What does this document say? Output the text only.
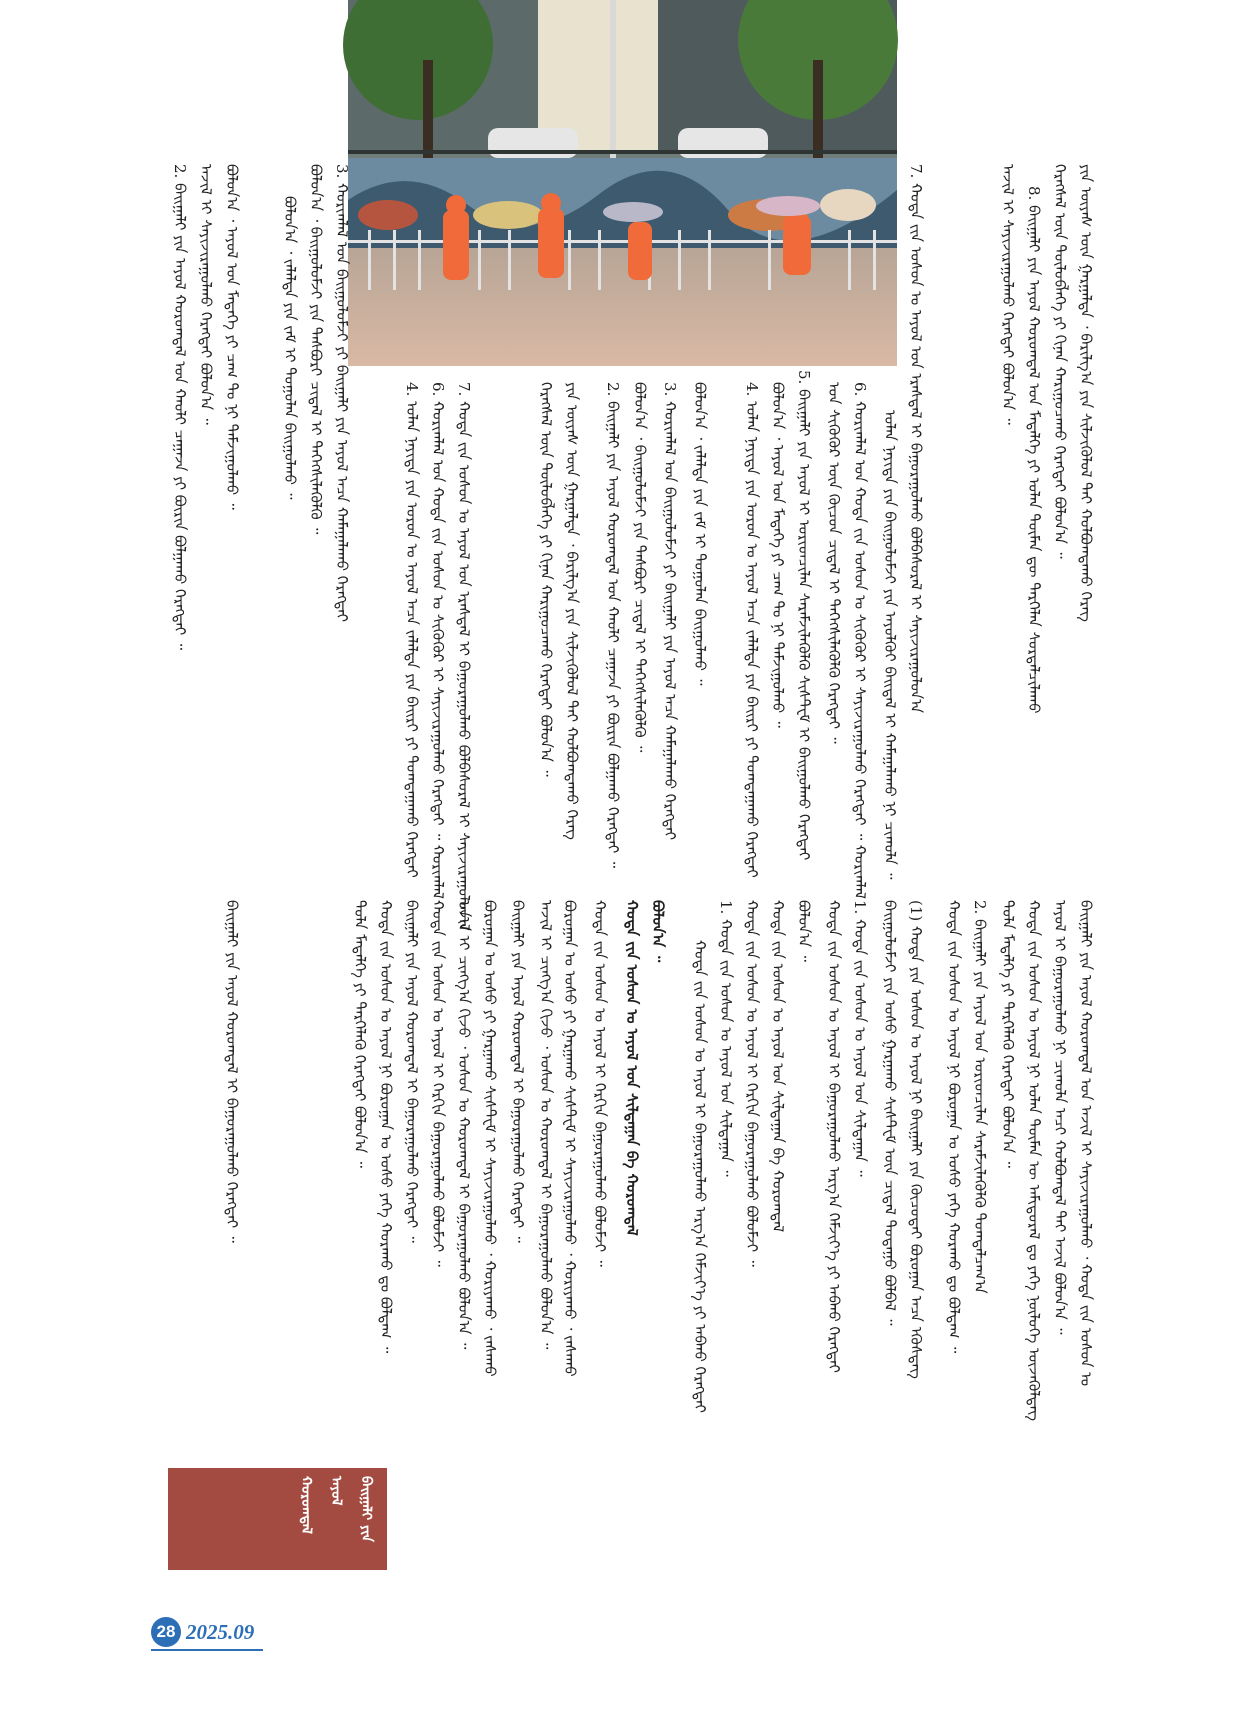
ᠶᠢᠨ ᠦᠶᠡᠰ ᠦᠨ ᠭᠠᠷᠭᠠᠯᠳᠠ ᠂ ᠪᠠᠷᠢᠯᠭ᠎ᠠ ᠶᠢᠨ ᠰᠢᠯᠵᠢᠭᠦᠯᠦᠯ ᠲᠡᠢ ᠬᠣᠯᠪᠤᠭᠳᠠᠬᠤ ᠬᠡᠷᠡᠭ
ᠬᠡᠷᠡᠭᠰᠡᠯ ᠦᠨ ᠲᠥᠯᠦᠪᠯᠡᠭᠡ ᠶᠢ ᠬᠢᠨᠠᠨ ᠬᠠᠷᠢᠭᠤᠴᠠᠬᠤ ᠬᠡᠷᠡᠭᠲᠡᠢ ᠪᠣᠯᠤᠨ᠎ᠠ ᠃
8. ᠪᠠᠢᠭᠠᠯᠢ ᠶᠢᠨ ᠠᠶᠤᠯ ᠬᠣᠷᠣᠭᠳᠠᠯ ᠤᠨ ᠮᠡᠳᠡᠯᠭᠡ ᠶᠢ ᠣᠯᠠᠨ ᠲᠦᠮᠡᠨ ᠳᠦ ᠲᠡᠷᠭᠡᠯᠡᠨ ᠰᠤᠷᠳᠠᠯᠴᠢᠯᠠᠬᠤ
ᠠᠵᠢᠯ ᠢ ᠰᠠᠶᠢᠵᠢᠷᠠᠭᠤᠯᠬᠤ ᠬᠡᠷᠡᠭᠲᠡᠢ ᠪᠣᠯᠤᠨ᠎ᠠ ᠃
7. ᠬᠤᠲᠠ ᠵᠢᠨ ᠤᠰᠤᠨ ᠤ ᠠᠶᠤᠯ ᠤᠨ ᠡᠷᠡᠰᠳᠡᠯ ᠢ ᠪᠠᠭᠤᠷᠠᠭᠤᠯᠬᠤ ᠪᠣᠯᠪᠠᠰᠤᠷᠠᠯ ᠢ ᠰᠠᠶᠢᠵᠢᠷᠠᠭᠤᠯᠤᠨ᠎ᠠ
ᠣᠯᠠᠨ ᠨᠡᠶᠢᠲᠡ ᠶᠢᠨ ᠪᠠᠢᠭᠤᠯᠤᠮᠵᠢ ᠶᠢᠨ ᠠᠶᠤᠯᠭᠦᠢ ᠪᠠᠢᠳᠠᠯ ᠢ ᠬᠠᠮᠠᠭᠠᠯᠠᠬᠤ ᠨᠢ ᠴᠢᠬᠤᠯᠠ ᠃
6. ᠬᠣᠷᠢᠭᠯᠠᠯ ᠤᠨ ᠬᠣᠲᠠ ᠵᠢᠨ ᠤᠰᠤᠨ ᠤ ᠰᠢᠭᠦᠭᠦᠷ ᠢ ᠰᠠᠶᠢᠵᠢᠷᠠᠭᠤᠯᠬᠤ ᠬᠡᠷᠡᠭᠲᠡᠢ ᠃ ᠬᠣᠷᠢᠭᠯᠠᠯ
ᠤᠨ ᠰᠢᠭᠦᠭᠦᠷ ᠦᠨ ᠬᠦᠴᠦᠨ ᠴᠢᠳᠠᠯ ᠢ ᠳᠡᠭᠡᠭᠰᠢᠯᠡᠭᠦᠯᠬᠦ ᠬᠡᠷᠡᠭᠲᠡᠢ ᠃
5. ᠪᠠᠢᠭᠠᠯᠢ ᠶᠢᠨ ᠠᠶᠤᠯ ᠢ ᠤᠷᠢᠳᠴᠢᠯᠠᠨ ᠰᠡᠷᠡᠮᠵᠢᠯᠡᠭᠦᠯᠬᠦ ᠰᠢᠰᠲ᠋ᠧᠮ ᠢ ᠪᠠᠢᠭᠤᠯᠬᠤ ᠬᠡᠷᠡᠭᠲᠡᠢ
ᠪᠣᠯᠤᠨ᠎ᠠ ᠂ ᠠᠶᠤᠯ ᠤᠨ ᠮᠡᠳᠡᠭᠡ ᠶᠢ ᠴᠠᠭ ᠲᠤ ᠨᠢ ᠳᠠᠮᠵᠢᠭᠤᠯᠬᠤ ᠃
4. ᠣᠯᠠᠨ ᠨᠡᠶᠢᠲᠡ ᠶᠢᠨ ᠣᠷᠣᠨ ᠤ ᠠᠶᠤᠯ ᠠᠴᠠ ᠵᠠᠯᠠᠯᠲᠠ ᠶᠢᠨ ᠪᠠᠢᠷᠢ ᠶᠢ ᠲᠣᠭᠲᠠᠭᠠᠬᠤ ᠬᠡᠷᠡᠭᠲᠡᠢ
ᠪᠣᠯᠤᠨ᠎ᠠ ᠂ ᠵᠠᠯᠠᠯᠲᠠ ᠶᠢᠨ ᠵᠠᠮ ᠢ ᠲᠤᠭᠤᠯᠠᠨ ᠪᠠᠢᠭᠤᠯᠬᠤ ᠃
3. ᠬᠣᠷᠢᠭᠯᠠᠯ ᠤᠨ ᠪᠠᠢᠭᠤᠯᠤᠮᠵᠢ ᠶᠢ ᠪᠠᠢᠭᠠᠯᠢ ᠶᠢᠨ ᠠᠶᠤᠯ ᠠᠴᠠ ᠬᠠᠮᠠᠭᠠᠯᠠᠬᠤ ᠬᠡᠷᠡᠭᠲᠡᠢ
ᠪᠣᠯᠤᠨ᠎ᠠ ᠂ ᠪᠠᠢᠭᠤᠯᠤᠮᠵᠢ ᠶᠢᠨ ᠲᠡᠰᠪᠦᠷᠢ ᠴᠢᠳᠠᠯ ᠢ ᠳᠡᠭᠡᠭᠰᠢᠯᠡᠭᠦᠯᠬᠦ ᠃
2. ᠪᠠᠢᠭᠠᠯᠢ ᠶᠢᠨ ᠠᠶᠤᠯ ᠬᠣᠷᠣᠭᠳᠠᠯ ᠤᠨ ᠬᠠᠤᠯᠢ ᠴᠠᠭᠠᠵᠠ ᠶᠢ ᠪᠦᠷᠢᠨ ᠪᠣᠯᠭᠠᠬᠤ ᠬᠡᠷᠡᠭᠲᠡᠢ ᠃
ᠶᠢᠨ ᠦᠶᠡᠰ ᠦᠨ ᠭᠠᠷᠭᠠᠯᠳᠠ ᠂ ᠪᠠᠷᠢᠯᠭ᠎ᠠ ᠶᠢᠨ ᠰᠢᠯᠵᠢᠭᠦᠯᠦᠯ ᠲᠡᠢ ᠬᠣᠯᠪᠤᠭᠳᠠᠬᠤ ᠬᠡᠷᠡᠭ
ᠬᠡᠷᠡᠭᠰᠡᠯ ᠦᠨ ᠲᠥᠯᠦᠪᠯᠡᠭᠡ ᠶᠢ ᠬᠢᠨᠠᠨ ᠬᠠᠷᠢᠭᠤᠴᠠᠬᠤ ᠬᠡᠷᠡᠭᠲᠡᠢ ᠪᠣᠯᠤᠨ᠎ᠠ ᠃
7. ᠬᠤᠲᠠ ᠵᠢᠨ ᠤᠰᠤᠨ ᠤ ᠠᠶᠤᠯ ᠤᠨ ᠡᠷᠡᠰᠳᠡᠯ ᠢ ᠪᠠᠭᠤᠷᠠᠭᠤᠯᠬᠤ ᠪᠣᠯᠪᠠᠰᠤᠷᠠᠯ ᠢ ᠰᠠᠶᠢᠵᠢᠷᠠᠭᠤᠯᠤᠨ᠎ᠠ
6. ᠬᠣᠷᠢᠭᠯᠠᠯ ᠤᠨ ᠬᠣᠲᠠ ᠵᠢᠨ ᠤᠰᠤᠨ ᠤ ᠰᠢᠭᠦᠭᠦᠷ ᠢ ᠰᠠᠶᠢᠵᠢᠷᠠᠭᠤᠯᠬᠤ ᠬᠡᠷᠡᠭᠲᠡᠢ ᠃ ᠬᠣᠷᠢᠭᠯᠠᠯ
4. ᠣᠯᠠᠨ ᠨᠡᠶᠢᠲᠡ ᠶᠢᠨ ᠣᠷᠣᠨ ᠤ ᠠᠶᠤᠯ ᠠᠴᠠ ᠵᠠᠯᠠᠯᠲᠠ ᠶᠢᠨ ᠪᠠᠢᠷᠢ ᠶᠢ ᠲᠣᠭᠲᠠᠭᠠᠬᠤ ᠬᠡᠷᠡᠭᠲᠡᠢ
3. ᠬᠣᠷᠢᠭᠯᠠᠯ ᠤᠨ ᠪᠠᠢᠭᠤᠯᠤᠮᠵᠢ ᠶᠢ ᠪᠠᠢᠭᠠᠯᠢ ᠶᠢᠨ ᠠᠶᠤᠯ ᠠᠴᠠ ᠬᠠᠮᠠᠭᠠᠯᠠᠬᠤ ᠬᠡᠷᠡᠭᠲᠡᠢ
ᠪᠣᠯᠤᠨ᠎ᠠ ᠂ ᠪᠠᠢᠭᠤᠯᠤᠮᠵᠢ ᠶᠢᠨ ᠲᠡᠰᠪᠦᠷᠢ ᠴᠢᠳᠠᠯ ᠢ ᠳᠡᠭᠡᠭᠰᠢᠯᠡᠭᠦᠯᠬᠦ ᠃
ᠪᠣᠯᠤᠨ᠎ᠠ ᠂ ᠵᠠᠯᠠᠯᠲᠠ ᠶᠢᠨ ᠵᠠᠮ ᠢ ᠲᠤᠭᠤᠯᠠᠨ ᠪᠠᠢᠭᠤᠯᠬᠤ ᠃
ᠪᠣᠯᠤᠨ᠎ᠠ ᠂ ᠠᠶᠤᠯ ᠤᠨ ᠮᠡᠳᠡᠭᠡ ᠶᠢ ᠴᠠᠭ ᠲᠤ ᠨᠢ ᠳᠠᠮᠵᠢᠭᠤᠯᠬᠤ ᠃
ᠠᠵᠢᠯ ᠢ ᠰᠠᠶᠢᠵᠢᠷᠠᠭᠤᠯᠬᠤ ᠬᠡᠷᠡᠭᠲᠡᠢ ᠪᠣᠯᠤᠨ᠎ᠠ ᠃
2. ᠪᠠᠢᠭᠠᠯᠢ ᠶᠢᠨ ᠠᠶᠤᠯ ᠬᠣᠷᠣᠭᠳᠠᠯ ᠤᠨ ᠬᠠᠤᠯᠢ ᠴᠠᠭᠠᠵᠠ ᠶᠢ ᠪᠦᠷᠢᠨ ᠪᠣᠯᠭᠠᠬᠤ ᠬᠡᠷᠡᠭᠲᠡᠢ ᠃
ᠪᠠᠢᠭᠠᠯᠢ ᠶᠢᠨ ᠠᠶᠤᠯ ᠬᠣᠷᠣᠭᠳᠠᠯ ᠤᠨ ᠠᠵᠢᠯ ᠢ ᠰᠠᠶᠢᠵᠢᠷᠠᠭᠤᠯᠬᠤ ᠂ ᠬᠤᠲᠠ ᠵᠢᠨ ᠤᠰᠤᠨ ᠤ
ᠠᠶᠤᠯ ᠢ ᠪᠠᠭᠤᠷᠠᠭᠤᠯᠬᠤ ᠨᠢ ᠴᠢᠬᠤᠯᠠ ᠠᠴᠢ ᠬᠣᠯᠪᠤᠭᠳᠠᠯ ᠲᠠᠢ ᠠᠵᠢᠯ ᠪᠣᠯᠤᠨ᠎ᠠ ᠃
ᠬᠤᠲᠠ ᠵᠢᠨ ᠤᠰᠤᠨ ᠤ ᠠᠶᠤᠯ ᠨᠢ ᠣᠯᠠᠨ ᠲᠦᠮᠡᠨ ᠦ ᠠᠮᠢᠳᠤᠷᠠᠯ ᠳᠤ ᠶᠡᠬᠡ ᠨᠥᠯᠦᠭᠡ ᠦᠵᠡᠭᠦᠯᠳᠡᠭ
ᠲᠤᠯᠠ ᠮᠡᠳᠡᠯᠭᠡ ᠶᠢ ᠲᠡᠷᠭᠡᠯᠡᠬᠦ ᠬᠡᠷᠡᠭᠲᠡᠢ ᠪᠣᠯᠤᠨ᠎ᠠ ᠃
2. ᠪᠠᠢᠭᠠᠯᠢ ᠶᠢᠨ ᠠᠶᠤᠯ ᠤᠨ ᠤᠷᠢᠳᠴᠢᠯᠠᠨ ᠰᠡᠷᠡᠮᠵᠢᠯᠡᠭᠦᠯᠬᠦ ᠲᠣᠭᠲᠠᠯᠴᠠᠭ᠎ᠠ
ᠬᠤᠲᠠ ᠵᠢᠨ ᠤᠰᠤᠨ ᠤ ᠠᠶᠤᠯ ᠨᠢ ᠪᠣᠷᠤᠭᠠᠨ ᠤ ᠤᠰᠤ ᠶᠡᠬᠡ ᠬᠤᠷᠠᠬᠤ ᠳᠤ ᠪᠣᠯᠳᠠᠭ ᠃
(1) ᠬᠤᠲᠠ ᠶᠢᠨ ᠤᠰᠤᠨ ᠤ ᠠᠶᠤᠯ ᠨᠢ ᠪᠠᠢᠭᠠᠯᠢ ᠶᠢᠨ ᠬᠦᠴᠦᠲᠡᠢ ᠪᠣᠷᠤᠭᠠᠨ ᠠᠴᠠ ᠡᠭᠦᠰᠳᠡᠭ
ᠪᠠᠢᠭᠤᠯᠤᠮᠵᠢ ᠶᠢᠨ ᠤᠰᠤ ᠭᠠᠷᠭᠠᠬᠤ ᠰᠢᠰᠲ᠋ᠧᠮ ᠦᠨ ᠴᠢᠳᠠᠯ ᠳᠤᠲᠠᠭᠤ ᠪᠣᠯᠪᠠᠯ ᠃
1. ᠬᠤᠲᠠ ᠵᠢᠨ ᠤᠰᠤᠨ ᠤ ᠠᠶᠤᠯ ᠤᠨ ᠰᠢᠯᠲᠠᠭᠠᠨ ᠃
ᠬᠤᠲᠠ ᠵᠢᠨ ᠤᠰᠤᠨ ᠤ ᠠᠶᠤᠯ ᠢ ᠪᠠᠭᠤᠷᠠᠭᠤᠯᠬᠤ ᠠᠷᠭ᠎ᠠ ᠬᠡᠮᠵᠢᠶ᠎ᠡ ᠶᠢ ᠠᠪᠬᠤ ᠬᠡᠷᠡᠭᠲᠡᠢ
ᠪᠣᠯᠤᠨ᠎ᠠ ᠃
ᠬᠤᠲᠠ ᠵᠢᠨ ᠤᠰᠤᠨ ᠤ ᠠᠶᠤᠯ ᠤᠨ ᠰᠢᠯᠲᠠᠭᠠᠨ ᠪᠠ ᠬᠣᠷᠣᠭᠳᠠᠯ
ᠬᠤᠲᠠ ᠵᠢᠨ ᠤᠰᠤᠨ ᠤ ᠠᠶᠤᠯ ᠢ ᠬᠡᠷᠬᠢᠨ ᠪᠠᠭᠤᠷᠠᠭᠤᠯᠬᠤ ᠪᠣᠯᠣᠮᠵᠢ ᠃
1. ᠬᠤᠲᠠ ᠵᠢᠨ ᠤᠰᠤᠨ ᠤ ᠠᠶᠤᠯ ᠤᠨ ᠰᠢᠯᠲᠠᠭᠠᠨ ᠃
ᠬᠤᠲᠠ ᠵᠢᠨ ᠤᠰᠤᠨ ᠤ ᠠᠶᠤᠯ ᠢ ᠪᠠᠭᠤᠷᠠᠭᠤᠯᠬᠤ ᠠᠷᠭ᠎ᠠ ᠬᠡᠮᠵᠢᠶ᠎ᠡ ᠶᠢ ᠠᠪᠬᠤ ᠬᠡᠷᠡᠭᠲᠡᠢ
ᠪᠣᠯᠤᠨ᠎ᠠ ᠃
ᠬᠤᠲᠠ ᠵᠢᠨ ᠤᠰᠤᠨ ᠤ ᠠᠶᠤᠯ ᠤᠨ ᠰᠢᠯᠲᠠᠭᠠᠨ ᠪᠠ ᠬᠣᠷᠣᠭᠳᠠᠯ
ᠬᠤᠲᠠ ᠵᠢᠨ ᠤᠰᠤᠨ ᠤ ᠠᠶᠤᠯ ᠢ ᠬᠡᠷᠬᠢᠨ ᠪᠠᠭᠤᠷᠠᠭᠤᠯᠬᠤ ᠪᠣᠯᠣᠮᠵᠢ ᠃
ᠪᠣᠷᠤᠭᠠᠨ ᠤ ᠤᠰᠤ ᠶᠢ ᠭᠠᠷᠭᠠᠬᠤ ᠰᠢᠰᠲ᠋ᠧᠮ ᠢ ᠰᠠᠶᠢᠵᠢᠷᠠᠭᠤᠯᠬᠤ ᠂ ᠬᠤᠷᠢᠶᠠᠬᠤ ᠂ ᠵᠠᠰᠠᠬᠤ
ᠠᠵᠢᠯ ᠢ ᠴᠢᠩᠭ᠎ᠠ ᠬᠢᠵᠦ ᠂ ᠤᠰᠤᠨ ᠤ ᠬᠣᠷᠣᠭᠳᠠᠯ ᠢ ᠪᠠᠭᠤᠷᠠᠭᠤᠯᠬᠤ ᠪᠣᠯᠤᠨ᠎ᠠ ᠃
ᠪᠠᠢᠭᠠᠯᠢ ᠶᠢᠨ ᠠᠶᠤᠯ ᠬᠣᠷᠣᠭᠳᠠᠯ ᠢ ᠪᠠᠭᠤᠷᠠᠭᠤᠯᠬᠤ ᠬᠡᠷᠡᠭᠲᠡᠢ ᠃
ᠪᠣᠷᠤᠭᠠᠨ ᠤ ᠤᠰᠤ ᠶᠢ ᠭᠠᠷᠭᠠᠬᠤ ᠰᠢᠰᠲ᠋ᠧᠮ ᠢ ᠰᠠᠶᠢᠵᠢᠷᠠᠭᠤᠯᠬᠤ ᠂ ᠬᠤᠷᠢᠶᠠᠬᠤ ᠂ ᠵᠠᠰᠠᠬᠤ
ᠠᠵᠢᠯ ᠢ ᠴᠢᠩᠭ᠎ᠠ ᠬᠢᠵᠦ ᠂ ᠤᠰᠤᠨ ᠤ ᠬᠣᠷᠣᠭᠳᠠᠯ ᠢ ᠪᠠᠭᠤᠷᠠᠭᠤᠯᠬᠤ ᠪᠣᠯᠤᠨ᠎ᠠ ᠃
ᠬᠤᠲᠠ ᠵᠢᠨ ᠤᠰᠤᠨ ᠤ ᠠᠶᠤᠯ ᠢ ᠬᠡᠷᠬᠢᠨ ᠪᠠᠭᠤᠷᠠᠭᠤᠯᠬᠤ ᠪᠣᠯᠣᠮᠵᠢ ᠃
ᠪᠠᠢᠭᠠᠯᠢ ᠶᠢᠨ ᠠᠶᠤᠯ ᠬᠣᠷᠣᠭᠳᠠᠯ ᠢ ᠪᠠᠭᠤᠷᠠᠭᠤᠯᠬᠤ ᠬᠡᠷᠡᠭᠲᠡᠢ ᠃
ᠬᠤᠲᠠ ᠵᠢᠨ ᠤᠰᠤᠨ ᠤ ᠠᠶᠤᠯ ᠨᠢ ᠪᠣᠷᠤᠭᠠᠨ ᠤ ᠤᠰᠤ ᠶᠡᠬᠡ ᠬᠤᠷᠠᠬᠤ ᠳᠤ ᠪᠣᠯᠳᠠᠭ ᠃
ᠲᠤᠯᠠ ᠮᠡᠳᠡᠯᠭᠡ ᠶᠢ ᠲᠡᠷᠭᠡᠯᠡᠬᠦ ᠬᠡᠷᠡᠭᠲᠡᠢ ᠪᠣᠯᠤᠨ᠎ᠠ ᠃
ᠪᠠᠢᠭᠠᠯᠢ ᠶᠢᠨ ᠠᠶᠤᠯ ᠬᠣᠷᠣᠭᠳᠠᠯ ᠢ ᠪᠠᠭᠤᠷᠠᠭᠤᠯᠬᠤ ᠬᠡᠷᠡᠭᠲᠡᠢ ᠃
ᠪᠠᠢᠭᠠᠯᠢ ᠶᠢᠨ
ᠠᠶᠤᠯ
ᠬᠣᠷᠣᠭᠳᠠᠯ
28 2025.09
